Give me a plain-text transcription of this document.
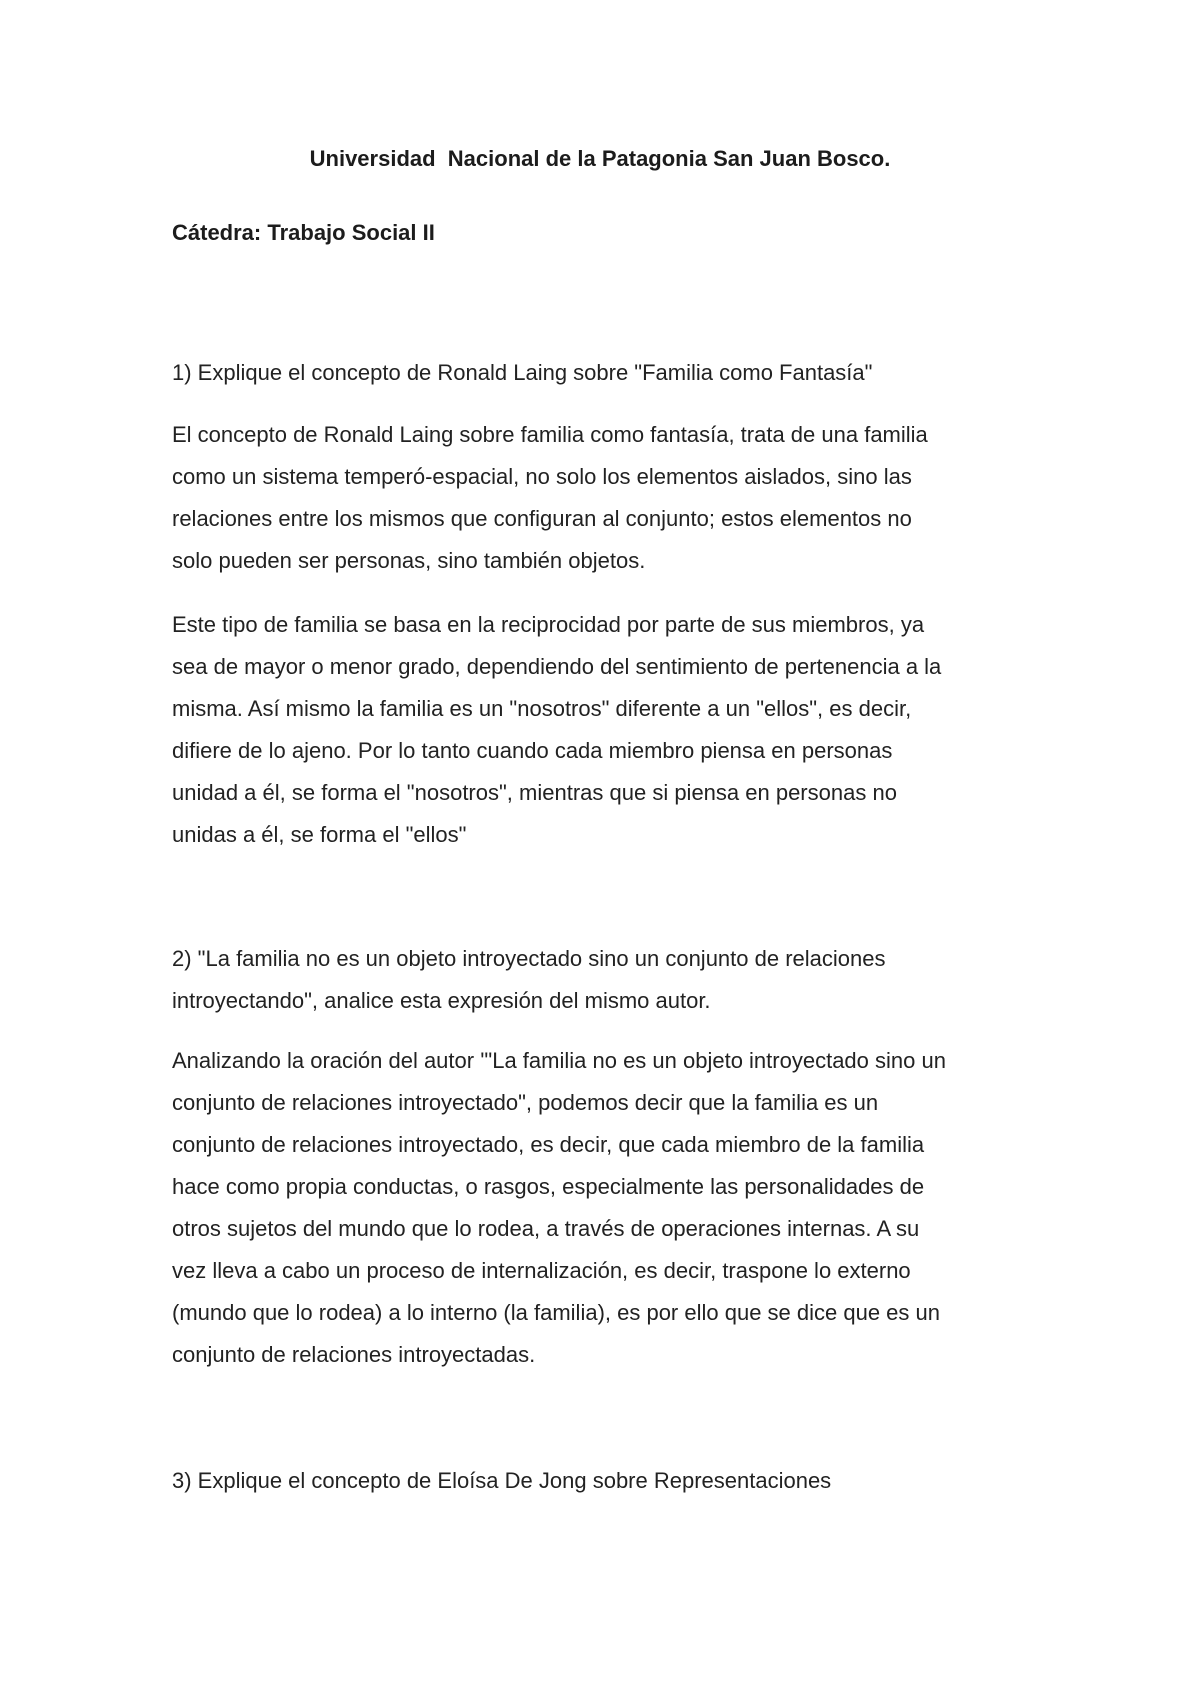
Universidad  Nacional de la Patagonia San Juan Bosco.
Cátedra: Trabajo Social II
1) Explique el concepto de Ronald Laing sobre "Familia como Fantasía"
El concepto de Ronald Laing sobre familia como fantasía, trata de una familia
como un sistema temperó-espacial, no solo los elementos aislados, sino las
relaciones entre los mismos que configuran al conjunto; estos elementos no
solo pueden ser personas, sino también objetos.
Este tipo de familia se basa en la reciprocidad por parte de sus miembros, ya
sea de mayor o menor grado, dependiendo del sentimiento de pertenencia a la
misma. Así mismo la familia es un "nosotros" diferente a un "ellos", es decir,
difiere de lo ajeno. Por lo tanto cuando cada miembro piensa en personas
unidad a él, se forma el "nosotros", mientras que si piensa en personas no
unidas a él, se forma el "ellos"
2) "La familia no es un objeto introyectado sino un conjunto de relaciones
introyectando", analice esta expresión del mismo autor.
Analizando la oración del autor '"La familia no es un objeto introyectado sino un
conjunto de relaciones introyectado", podemos decir que la familia es un
conjunto de relaciones introyectado, es decir, que cada miembro de la familia
hace como propia conductas, o rasgos, especialmente las personalidades de
otros sujetos del mundo que lo rodea, a través de operaciones internas. A su
vez lleva a cabo un proceso de internalización, es decir, traspone lo externo
(mundo que lo rodea) a lo interno (la familia), es por ello que se dice que es un
conjunto de relaciones introyectadas.
3) Explique el concepto de Eloísa De Jong sobre Representaciones
